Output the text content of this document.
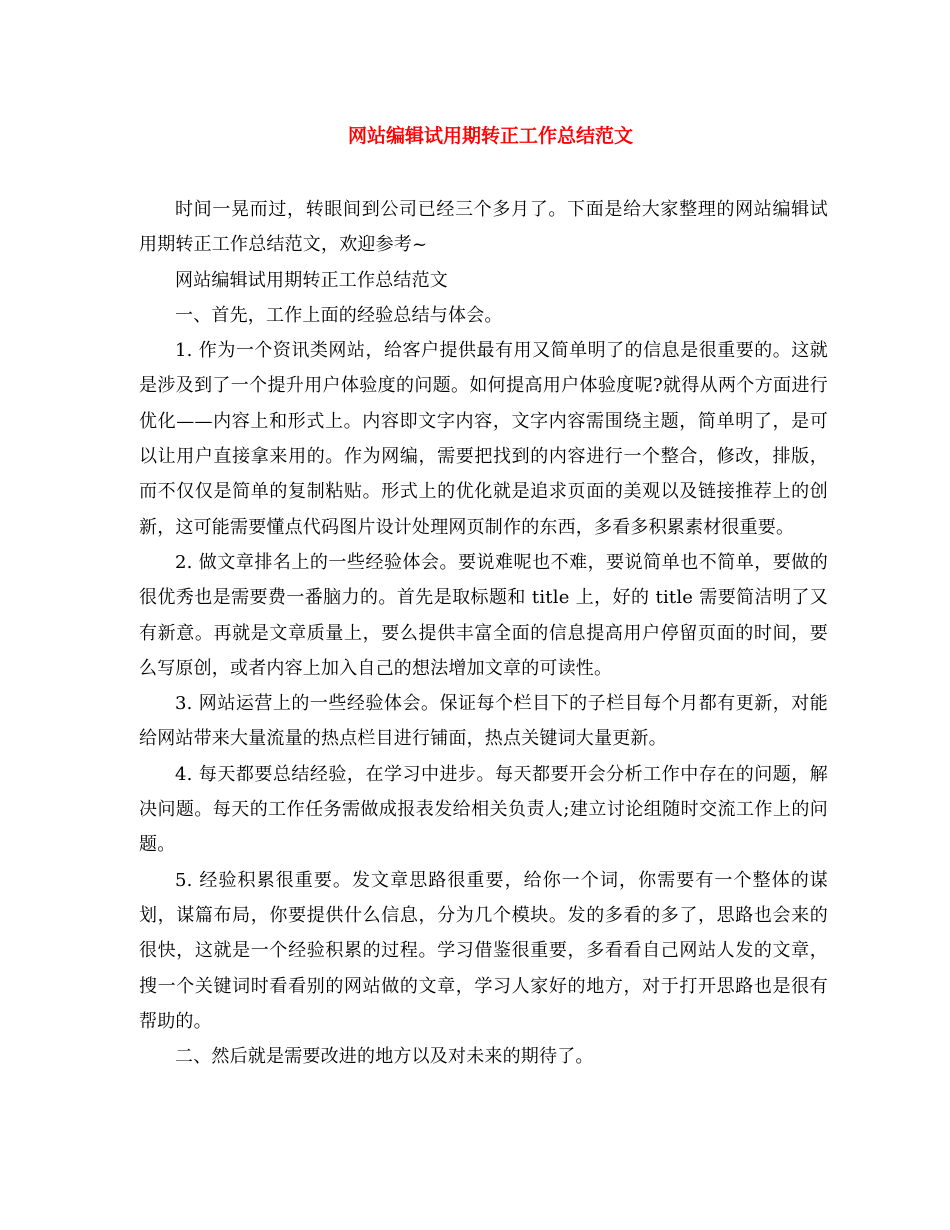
网站编辑试用期转正工作总结范文

时间一晃而过，转眼间到公司已经三个多月了。下面是给大家整理的网站编辑试用期转正工作总结范文，欢迎参考~

网站编辑试用期转正工作总结范文

一、首先，工作上面的经验总结与体会。

1. 作为一个资讯类网站，给客户提供最有用又简单明了的信息是很重要的。这就是涉及到了一个提升用户体验度的问题。如何提高用户体验度呢?就得从两个方面进行优化——内容上和形式上。内容即文字内容，文字内容需围绕主题，简单明了，是可以让用户直接拿来用的。作为网编，需要把找到的内容进行一个整合，修改，排版，而不仅仅是简单的复制粘贴。形式上的优化就是追求页面的美观以及链接推荐上的创新，这可能需要懂点代码图片设计处理网页制作的东西，多看多积累素材很重要。

2. 做文章排名上的一些经验体会。要说难呢也不难，要说简单也不简单，要做的很优秀也是需要费一番脑力的。首先是取标题和 title 上，好的 title 需要简洁明了又有新意。再就是文章质量上，要么提供丰富全面的信息提高用户停留页面的时间，要么写原创，或者内容上加入自己的想法增加文章的可读性。

3. 网站运营上的一些经验体会。保证每个栏目下的子栏目每个月都有更新，对能给网站带来大量流量的热点栏目进行铺面，热点关键词大量更新。

4. 每天都要总结经验，在学习中进步。每天都要开会分析工作中存在的问题，解决问题。每天的工作任务需做成报表发给相关负责人;建立讨论组随时交流工作上的问题。

5. 经验积累很重要。发文章思路很重要，给你一个词，你需要有一个整体的谋划，谋篇布局，你要提供什么信息，分为几个模块。发的多看的多了，思路也会来的很快，这就是一个经验积累的过程。学习借鉴很重要，多看看自己网站人发的文章，搜一个关键词时看看别的网站做的文章，学习人家好的地方，对于打开思路也是很有帮助的。

二、然后就是需要改进的地方以及对未来的期待了。
